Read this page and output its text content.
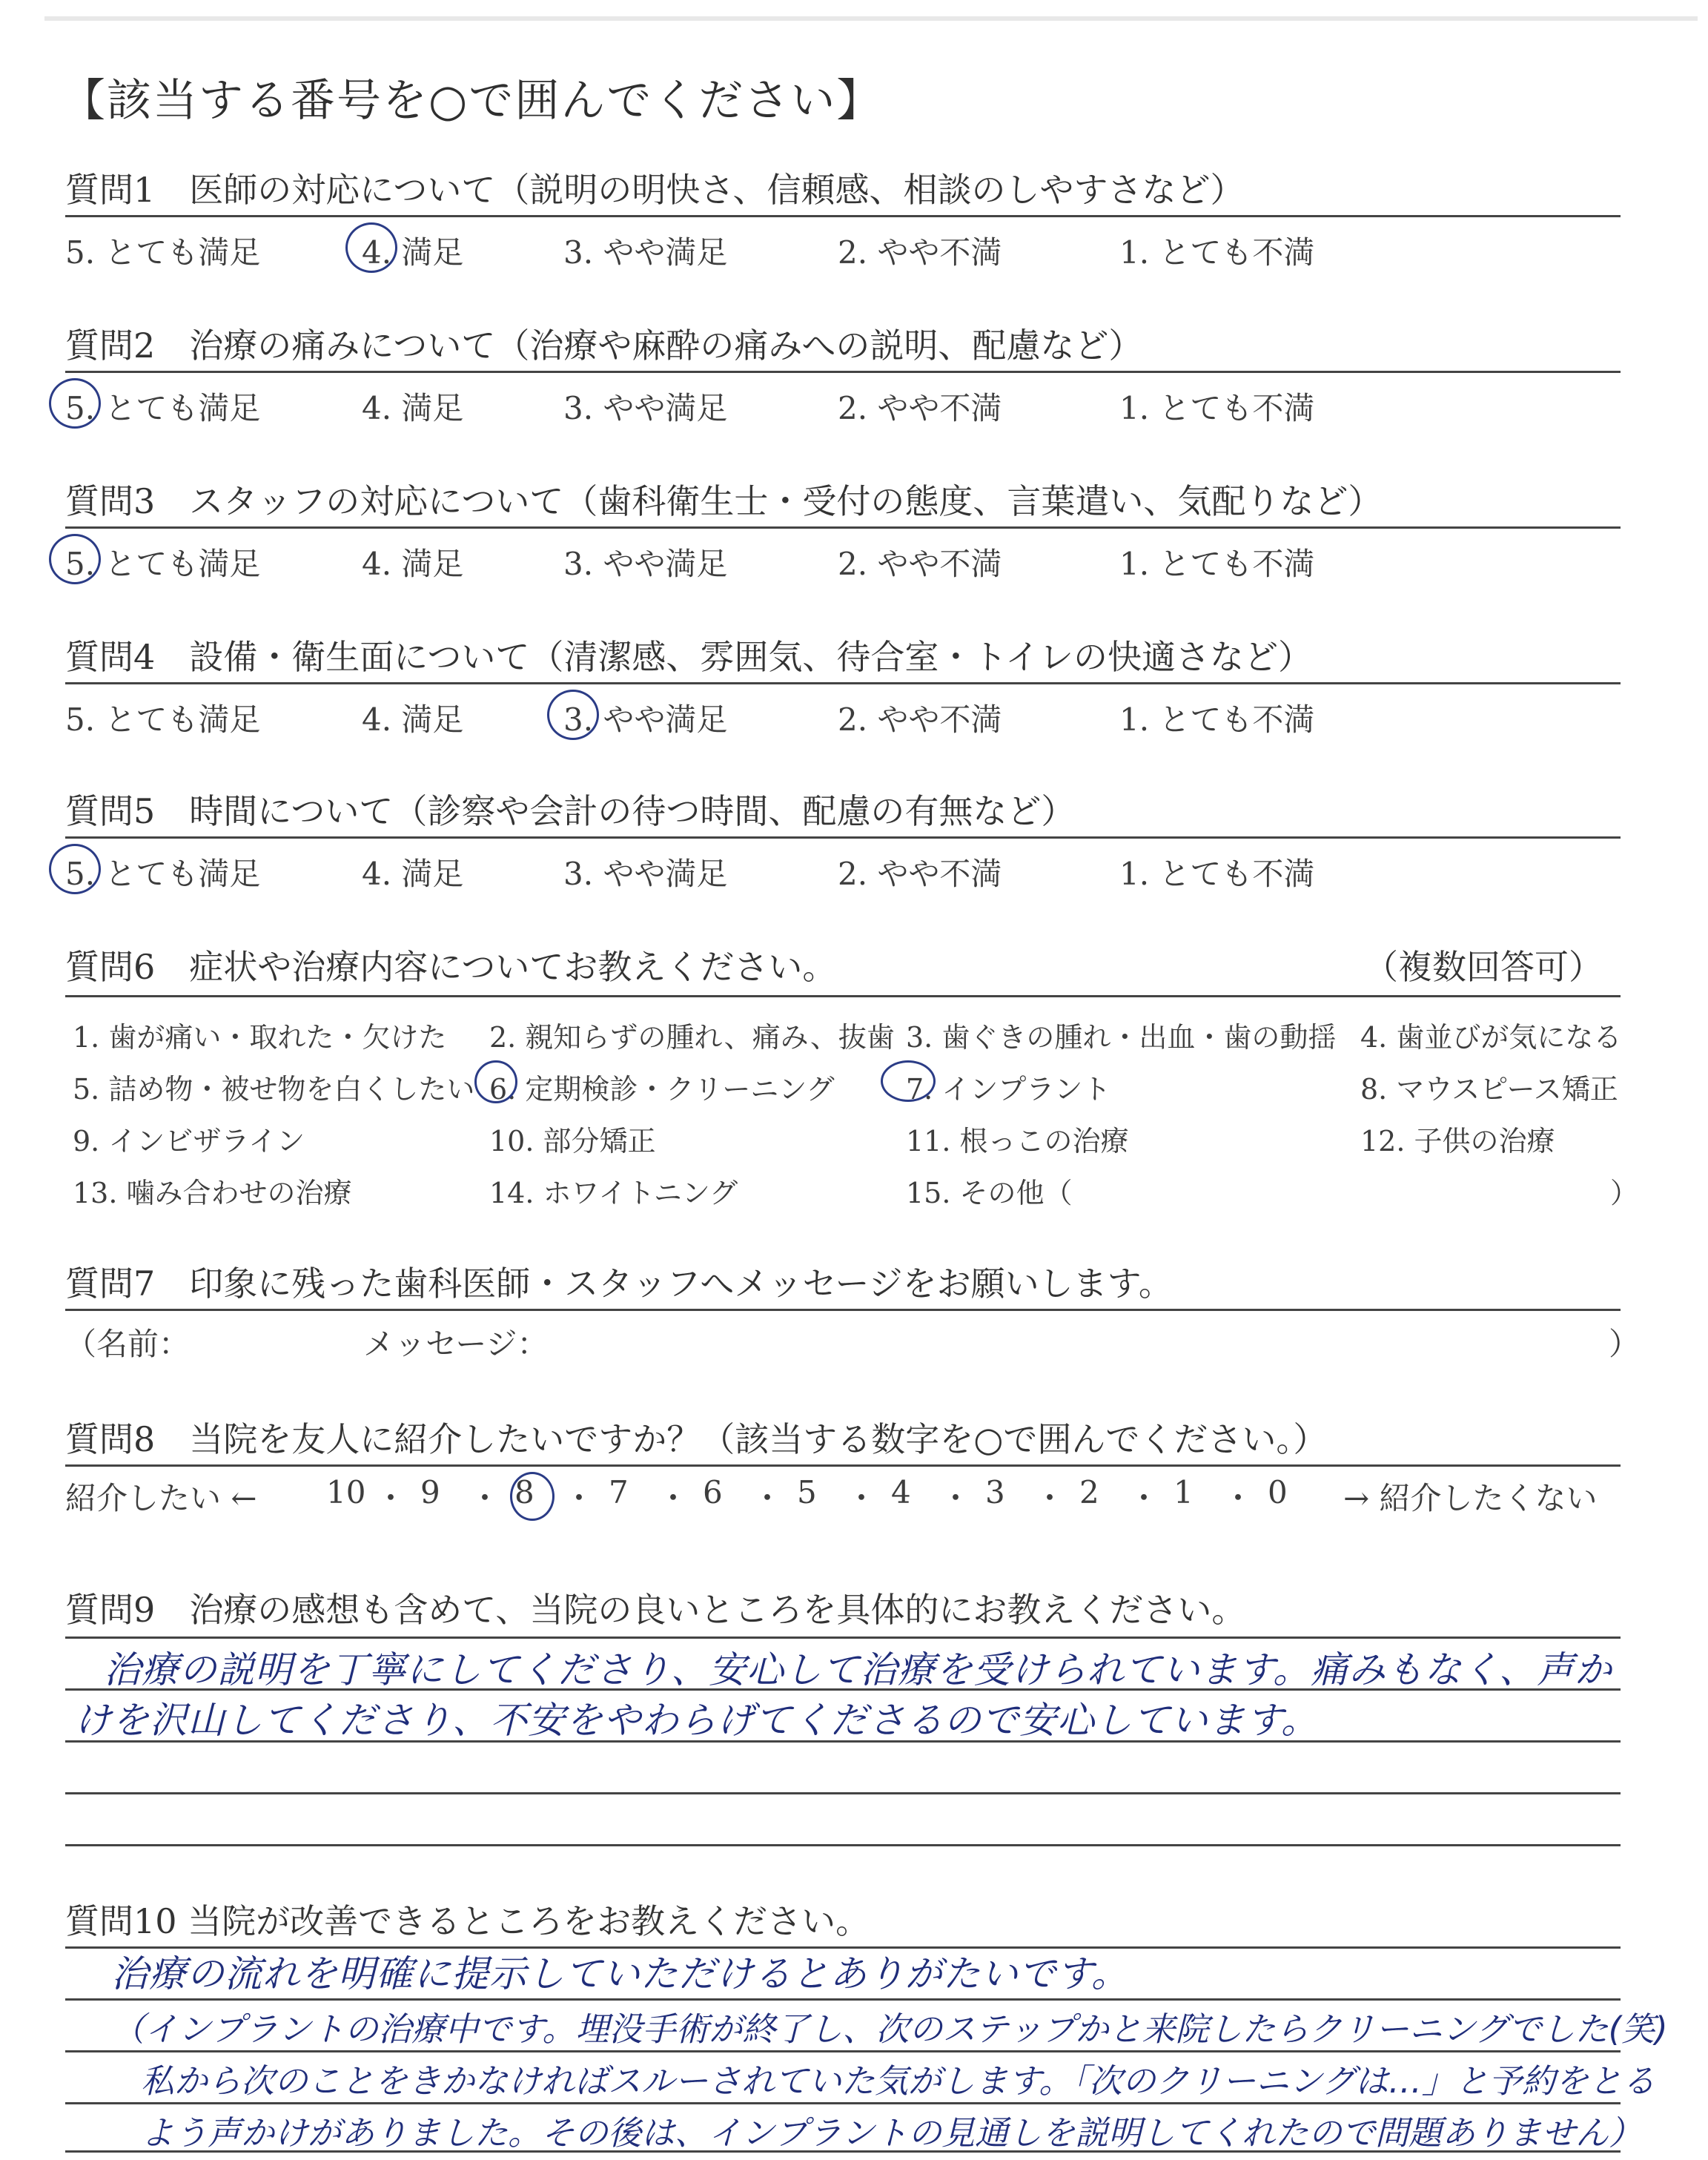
【該当する番号を○で囲んでください】
質問1　医師の対応について（説明の明快さ、信頼感、相談のしやすさなど）
5. とても満足	4. 満足	3. やや満足	2. やや不満	1. とても不満
質問2　治療の痛みについて（治療や麻酔の痛みへの説明、配慮など）
5. とても満足	4. 満足	3. やや満足	2. やや不満	1. とても不満
質問3　スタッフの対応について（歯科衛生士・受付の態度、言葉遣い、気配りなど）
5. とても満足	4. 満足	3. やや満足	2. やや不満	1. とても不満
質問4　設備・衛生面について（清潔感、雰囲気、待合室・トイレの快適さなど）
5. とても満足	4. 満足	3. やや満足	2. やや不満	1. とても不満
質問5　時間について（診察や会計の待つ時間、配慮の有無など）
5. とても満足	4. 満足	3. やや満足	2. やや不満	1. とても不満
質問6　症状や治療内容についてお教えください。	（複数回答可）
1. 歯が痛い・取れた・欠けた 2. 親知らずの腫れ、痛み、抜歯 3. 歯ぐきの腫れ・出血・歯の動揺 4. 歯並びが気になる
5. 詰め物・被せ物を白くしたい 6. 定期検診・クリーニング	7. インプラント	8. マウスピース矯正
9. インビザライン	10. 部分矯正	11. 根っこの治療	12. 子供の治療
13. 噛み合わせの治療	14. ホワイトニング	15. その他（	）
質問7　印象に残った歯科医師・スタッフへメッセージをお願いします。
（名前：	メッセージ：	）
質問8　当院を友人に紹介したいですか？（該当する数字を○で囲んでください。）
紹介したい ← 10 ・ 9 ・ 8 ・ 7 ・ 6 ・ 5 ・ 4 ・ 3 ・ 2 ・ 1 ・ 0 → 紹介したくない
質問9　治療の感想も含めて、当院の良いところを具体的にお教えください。
治療の説明を丁寧にしてくださり、安心して治療を受けられています。痛みもなく、声か
けを沢山してくださり、不安をやわらげてくださるので安心しています。
質問10 当院が改善できるところをお教えください。
治療の流れを明確に提示していただけるとありがたいです。
（インプラントの治療中です。埋没手術が終了し、次のステップかと来院したらクリーニングでした(笑)
私から次のことをきかなければスルーされていた気がします。「次のクリーニングは…」と予約をとる
よう声かけがありました。その後は、インプラントの見通しを説明してくれたので問題ありません）
